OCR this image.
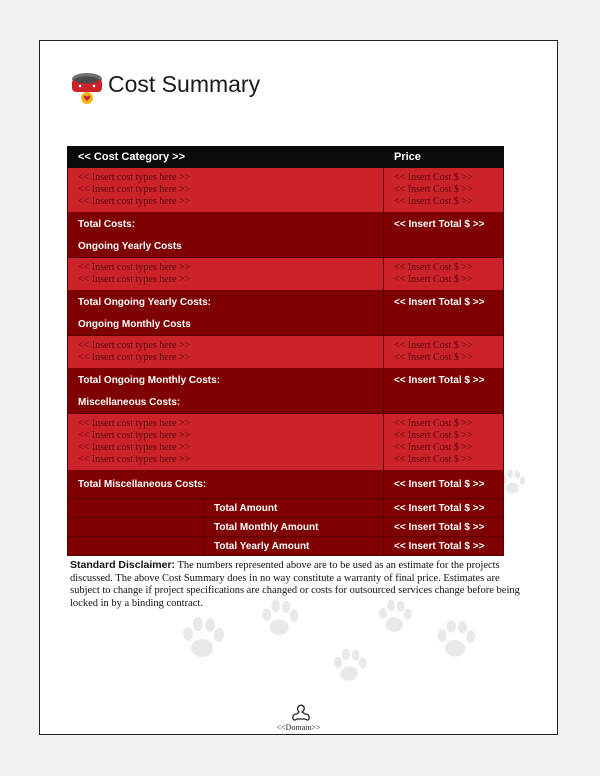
Cost Summary
<< Cost Category >>		Price
<< Insert cost types here >>		<< Insert Cost $ >>
<< Insert cost types here >>		<< Insert Cost $ >>
<< Insert cost types here >>		<< Insert Cost $ >>
Total Costs:		<< Insert Total $ >>
Ongoing Yearly Costs		
<< Insert cost types here >>		<< Insert Cost $ >>
<< Insert cost types here >>		<< Insert Cost $ >>
Total Ongoing Yearly Costs:		<< Insert Total $ >>
Ongoing Monthly Costs		
<< Insert cost types here >>		<< Insert Cost $ >>
<< Insert cost types here >>		<< Insert Cost $ >>
Total Ongoing Monthly Costs:		<< Insert Total $ >>
Miscellaneous Costs:		
<< Insert cost types here >>		<< Insert Cost $ >>
<< Insert cost types here >>		<< Insert Cost $ >>
<< Insert cost types here >>		<< Insert Cost $ >>
<< Insert cost types here >>		<< Insert Cost $ >>
Total Miscellaneous Costs:		<< Insert Total $ >>
	Total Amount	<< Insert Total $ >>
	Total Monthly Amount	<< Insert Total $ >>
	Total Yearly Amount	<< Insert Total $ >>
Standard Disclaimer: The numbers represented above are to be used as an estimate for the projects discussed. The above Cost Summary does in no way constitute a warranty of final price. Estimates are subject to change if project specifications are changed or costs for outsourced services change before being locked in by a binding contract.
<<Domain>>
